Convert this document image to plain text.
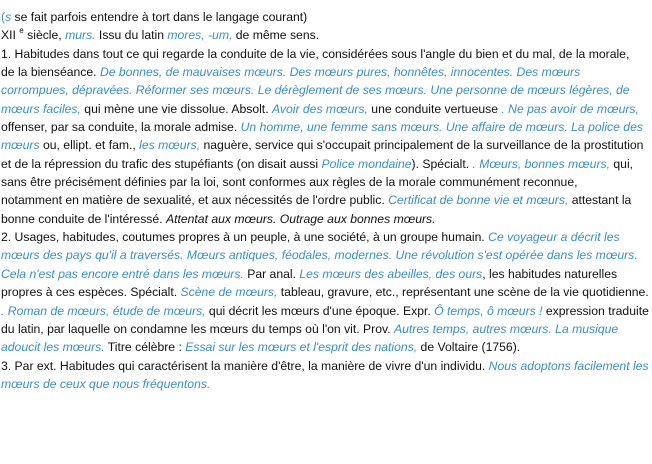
(s se fait parfois entendre à tort dans le langage courant)
XII $^e$ siècle, murs. Issu du latin mores, -um, de même sens.
1. Habitudes dans tout ce qui regarde la conduite de la vie, considérées sous l'angle du bien et du mal, de la morale,
de la bienséance. De bonnes, de mauvaises mœurs. Des mœurs pures, honnêtes, innocentes. Des mœurs
corrompues, dépravées. Réformer ses mœurs. Le dérèglement de ses mœurs. Une personne de mœurs légères, de
mœurs faciles, qui mène une vie dissolue. Absolt. Avoir des mœurs, une conduite vertueuse . Ne pas avoir de mœurs,
offenser, par sa conduite, la morale admise. Un homme, une femme sans mœurs. Une affaire de mœurs. La police des
mœurs ou, ellipt. et fam., les mœurs, naguère, service qui s'occupait principalement de la surveillance de la prostitution
et de la répression du trafic des stupéfiants (on disait aussi Police mondaine). Spécialt. . Mœurs, bonnes mœurs, qui,
sans être précisément définies par la loi, sont conformes aux règles de la morale communément reconnue,
notamment en matière de sexualité, et aux nécessités de l'ordre public. Certificat de bonne vie et mœurs, attestant la
bonne conduite de l'intéressé. Attentat aux mœurs. Outrage aux bonnes mœurs.
2. Usages, habitudes, coutumes propres à un peuple, à une société, à un groupe humain. Ce voyageur a décrit les
mœurs des pays qu'il a traversés. Mœurs antiques, féodales, modernes. Une révolution s'est opérée dans les mœurs.
Cela n'est pas encore entré dans les mœurs. Par anal. Les mœurs des abeilles, des ours, les habitudes naturelles
propres à ces espèces. Spécialt. Scène de mœurs, tableau, gravure, etc., représentant une scène de la vie quotidienne.
. Roman de mœurs, étude de mœurs, qui décrit les mœurs d'une époque. Expr. Ô temps, ô mœurs ! expression traduite
du latin, par laquelle on condamne les mœurs du temps où l'on vit. Prov. Autres temps, autres mœurs. La musique
adoucit les mœurs. Titre célèbre : Essai sur les mœurs et l'esprit des nations, de Voltaire (1756).
3. Par ext. Habitudes qui caractérisent la manière d'être, la manière de vivre d'un individu. Nous adoptons facilement les
mœurs de ceux que nous fréquentons.
